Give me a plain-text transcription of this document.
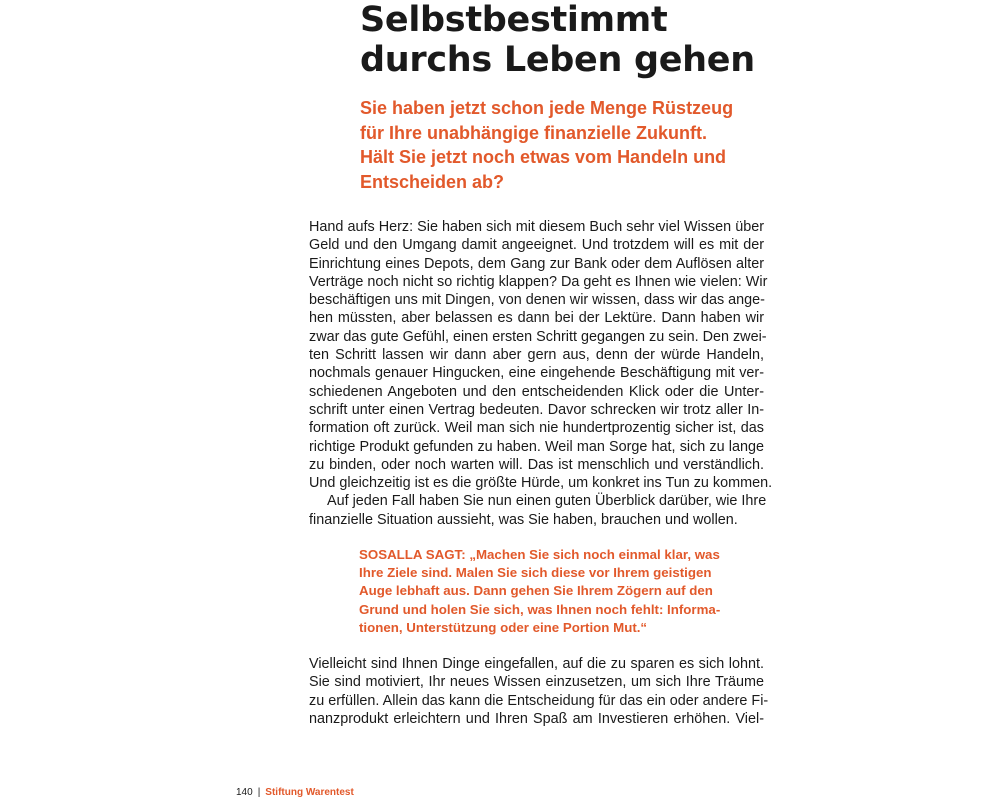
Selbstbestimmt
durchs Leben gehen

Sie haben jetzt schon jede Menge Rüstzeug
für Ihre unabhängige finanzielle Zukunft.
Hält Sie jetzt noch etwas vom Handeln und
Entscheiden ab?

Hand aufs Herz: Sie haben sich mit diesem Buch sehr viel Wissen über
Geld und den Umgang damit angeeignet. Und trotzdem will es mit der
Einrichtung eines Depots, dem Gang zur Bank oder dem Auflösen alter
Verträge noch nicht so richtig klappen? Da geht es Ihnen wie vielen: Wir
beschäftigen uns mit Dingen, von denen wir wissen, dass wir das ange-
hen müssten, aber belassen es dann bei der Lektüre. Dann haben wir
zwar das gute Gefühl, einen ersten Schritt gegangen zu sein. Den zwei-
ten Schritt lassen wir dann aber gern aus, denn der würde Handeln,
nochmals genauer Hingucken, eine eingehende Beschäftigung mit ver-
schiedenen Angeboten und den entscheidenden Klick oder die Unter-
schrift unter einen Vertrag bedeuten. Davor schrecken wir trotz aller In-
formation oft zurück. Weil man sich nie hundertprozentig sicher ist, das
richtige Produkt gefunden zu haben. Weil man Sorge hat, sich zu lange
zu binden, oder noch warten will. Das ist menschlich und verständlich.
Und gleichzeitig ist es die größte Hürde, um konkret ins Tun zu kommen.
Auf jeden Fall haben Sie nun einen guten Überblick darüber, wie Ihre
finanzielle Situation aussieht, was Sie haben, brauchen und wollen.
SOSALLA SAGT: „Machen Sie sich noch einmal klar, was
Ihre Ziele sind. Malen Sie sich diese vor Ihrem geistigen
Auge lebhaft aus. Dann gehen Sie Ihrem Zögern auf den
Grund und holen Sie sich, was Ihnen noch fehlt: Informa-
tionen, Unterstützung oder eine Portion Mut.“
Vielleicht sind Ihnen Dinge eingefallen, auf die zu sparen es sich lohnt.
Sie sind motiviert, Ihr neues Wissen einzusetzen, um sich Ihre Träume
zu erfüllen. Allein das kann die Entscheidung für das ein oder andere Fi-
nanzprodukt erleichtern und Ihren Spaß am Investieren erhöhen. Viel-
140 | Stiftung Warentest
